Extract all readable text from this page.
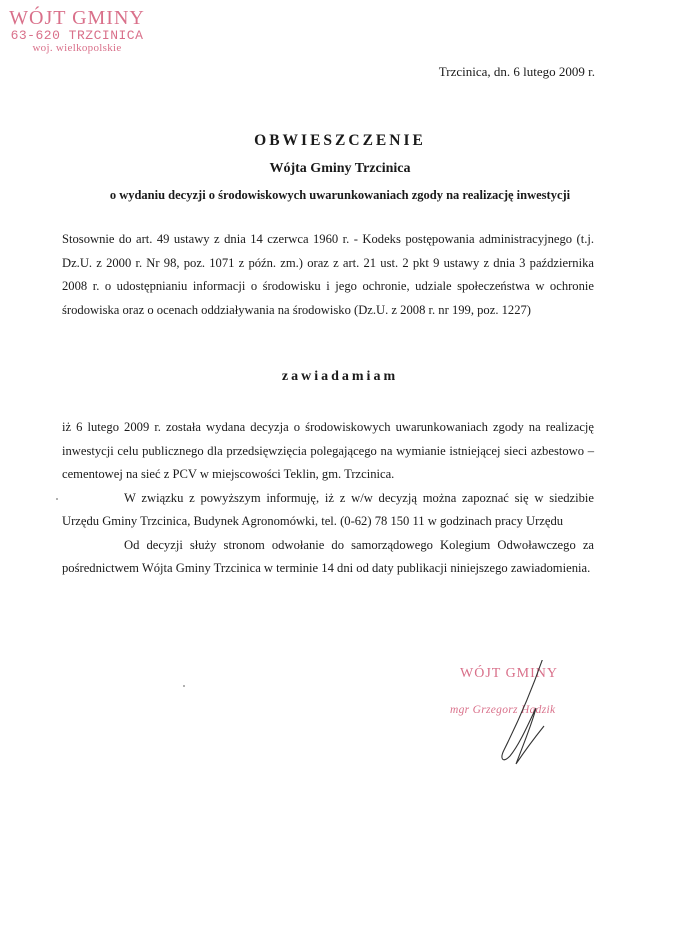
WÓJT GMINY
63-620 TRZCINICA
woj. wielkopolskie
Trzcinica, dn. 6 lutego 2009 r.
OBWIESZCZENIE
Wójta Gminy Trzcinica
o wydaniu decyzji o środowiskowych uwarunkowaniach zgody na realizację inwestycji
Stosownie do art. 49 ustawy z dnia 14 czerwca 1960 r. - Kodeks postępowania administracyjnego (t.j. Dz.U. z 2000 r. Nr 98, poz. 1071 z późn. zm.) oraz z art. 21 ust. 2 pkt 9 ustawy z dnia 3 października 2008 r. o udostępnianiu informacji o środowisku i jego ochronie, udziale społeczeństwa w ochronie środowiska oraz o ocenach oddziaływania na środowisko (Dz.U. z 2008 r. nr 199, poz. 1227)
zawiadamiam
iż 6 lutego 2009 r. została wydana decyzja o środowiskowych uwarunkowaniach zgody na realizację inwestycji celu publicznego dla przedsięwzięcia polegającego na wymianie istniejącej sieci azbestowo – cementowej na sieć z PCV w miejscowości Teklin, gm. Trzcinica.
W związku z powyższym informuję, iż z w/w decyzją można zapoznać się w siedzibie Urzędu Gminy Trzcinica, Budynek Agronomówki, tel. (0-62) 78 150 11 w godzinach pracy Urzędu
Od decyzji służy stronom odwołanie do samorządowego Kolegium Odwoławczego za pośrednictwem Wójta Gminy Trzcinica w terminie 14 dni od daty publikacji niniejszego zawiadomienia.
WÓJT GMINY
mgr Grzegorz Hadzik
